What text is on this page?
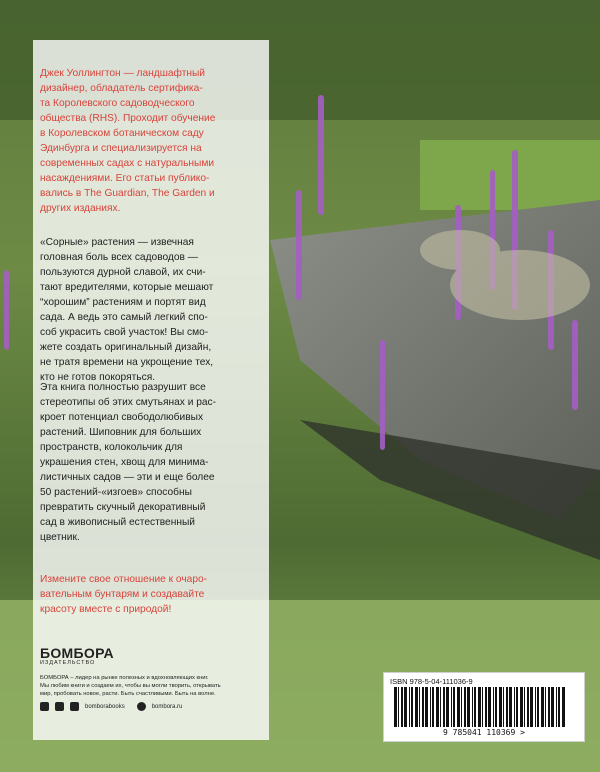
Джек Уоллингтон — ландшафтный
дизайнер, обладатель сертифика-
та Королевского садоводческого
общества (RHS). Проходит обучение
в Королевском ботаническом саду
Эдинбурга и специализируется на
современных садах с натуральными
насаждениями. Его статьи публико-
вались в The Guardian, The Garden и
других изданиях.
«Сорные» растения — извечная
головная боль всех садоводов —
пользуются дурной славой, их счи-
тают вредителями, которые мешают
“хорошим” растениям и портят вид
сада. А ведь это самый легкий спо-
соб украсить свой участок! Вы смо-
жете создать оригинальный дизайн,
не тратя времени на укрощение тех,
кто не готов покоряться.
Эта книга полностью разрушит все
стереотипы об этих смутьянах и рас-
кроет потенциал свободолюбивых
растений. Шиповник для больших
пространств, колокольчик для
украшения стен, хвощ для минима-
листичных садов — эти и еще более
50 растений-«изгоев» способны
превратить скучный декоративный
сад в живописный естественный
цветник.
Измените свое отношение к очаро-
вательным бунтарям и создавайте
красоту вместе с природой!
БОМБОРА
ИЗДАТЕЛЬСТВО
БОМБОРА – лидер на рынке полезных и вдохновляющих книг.
Мы любим книги и создаем их, чтобы вы могли творить, открывать
мир, пробовать новое, расти. Быть счастливыми. Быть на волне.
bomborabooks	bombora.ru
ISBN 978-5-04-111036-9
9 785041 110369 >
